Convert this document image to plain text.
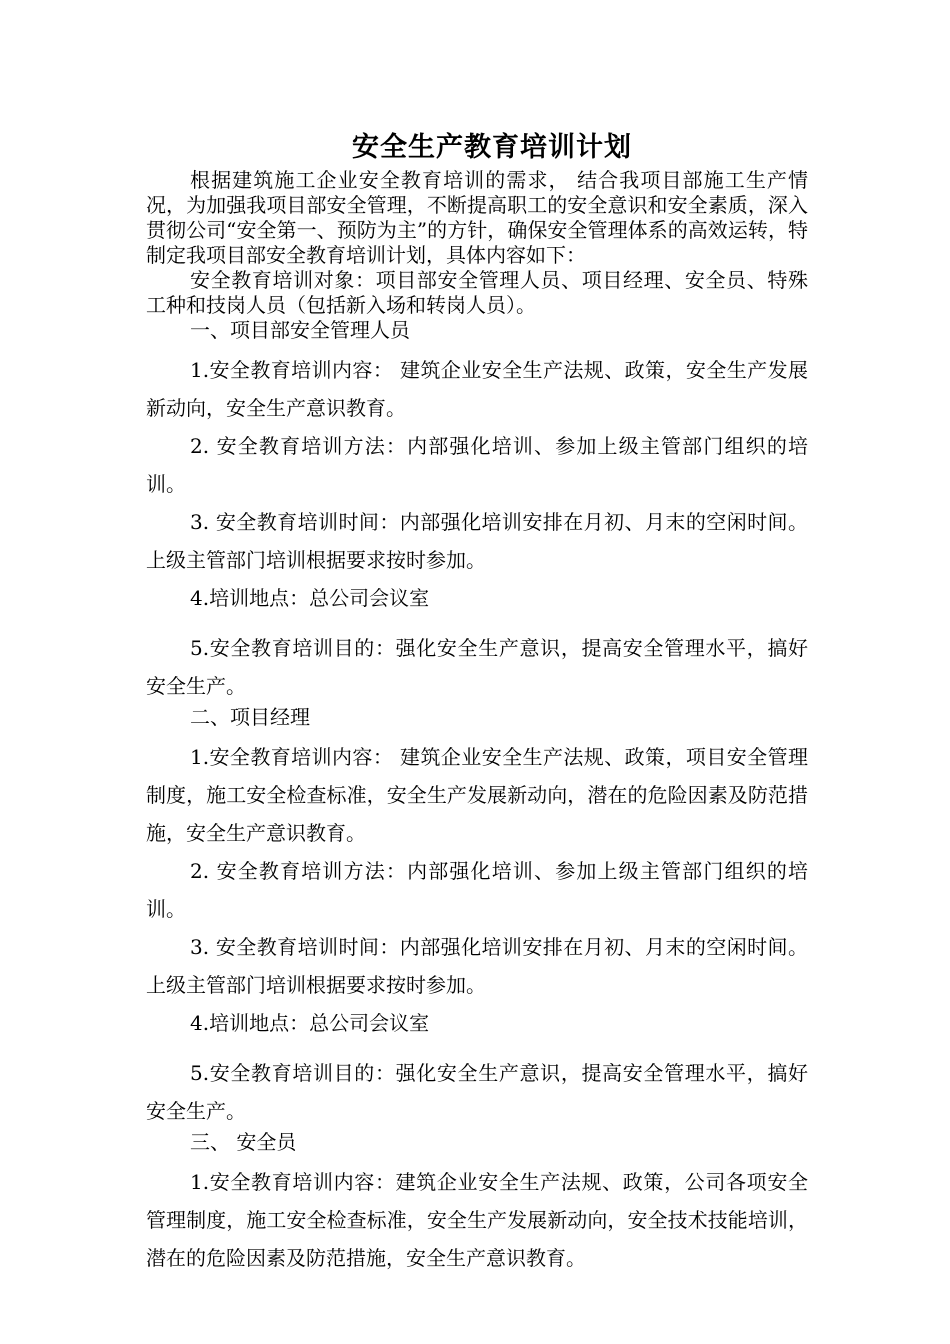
安全生产教育培训计划

根据建筑施工企业安全教育培训的需求， 结合我项目部施工生产情况，为加强我项目部安全管理，不断提高职工的安全意识和安全素质，深入贯彻公司“安全第一、预防为主”的方针，确保安全管理体系的高效运转，特制定我项目部安全教育培训计划，具体内容如下：

安全教育培训对象：项目部安全管理人员、项目经理、安全员、特殊工种和技岗人员（包括新入场和转岗人员）。

一、项目部安全管理人员

1.安全教育培训内容： 建筑企业安全生产法规、政策，安全生产发展新动向，安全生产意识教育。

2. 安全教育培训方法：内部强化培训、参加上级主管部门组织的培训。

3. 安全教育培训时间：内部强化培训安排在月初、月末的空闲时间。上级主管部门培训根据要求按时参加。

4.培训地点：总公司会议室

5.安全教育培训目的：强化安全生产意识，提高安全管理水平，搞好安全生产。

二、项目经理

1.安全教育培训内容： 建筑企业安全生产法规、政策，项目安全管理制度，施工安全检查标准，安全生产发展新动向，潜在的危险因素及防范措施，安全生产意识教育。

2. 安全教育培训方法：内部强化培训、参加上级主管部门组织的培训。

3. 安全教育培训时间：内部强化培训安排在月初、月末的空闲时间。上级主管部门培训根据要求按时参加。

4.培训地点：总公司会议室

5.安全教育培训目的：强化安全生产意识，提高安全管理水平，搞好安全生产。

三、 安全员

1.安全教育培训内容：建筑企业安全生产法规、政策，公司各项安全管理制度，施工安全检查标准，安全生产发展新动向，安全技术技能培训，潜在的危险因素及防范措施，安全生产意识教育。
